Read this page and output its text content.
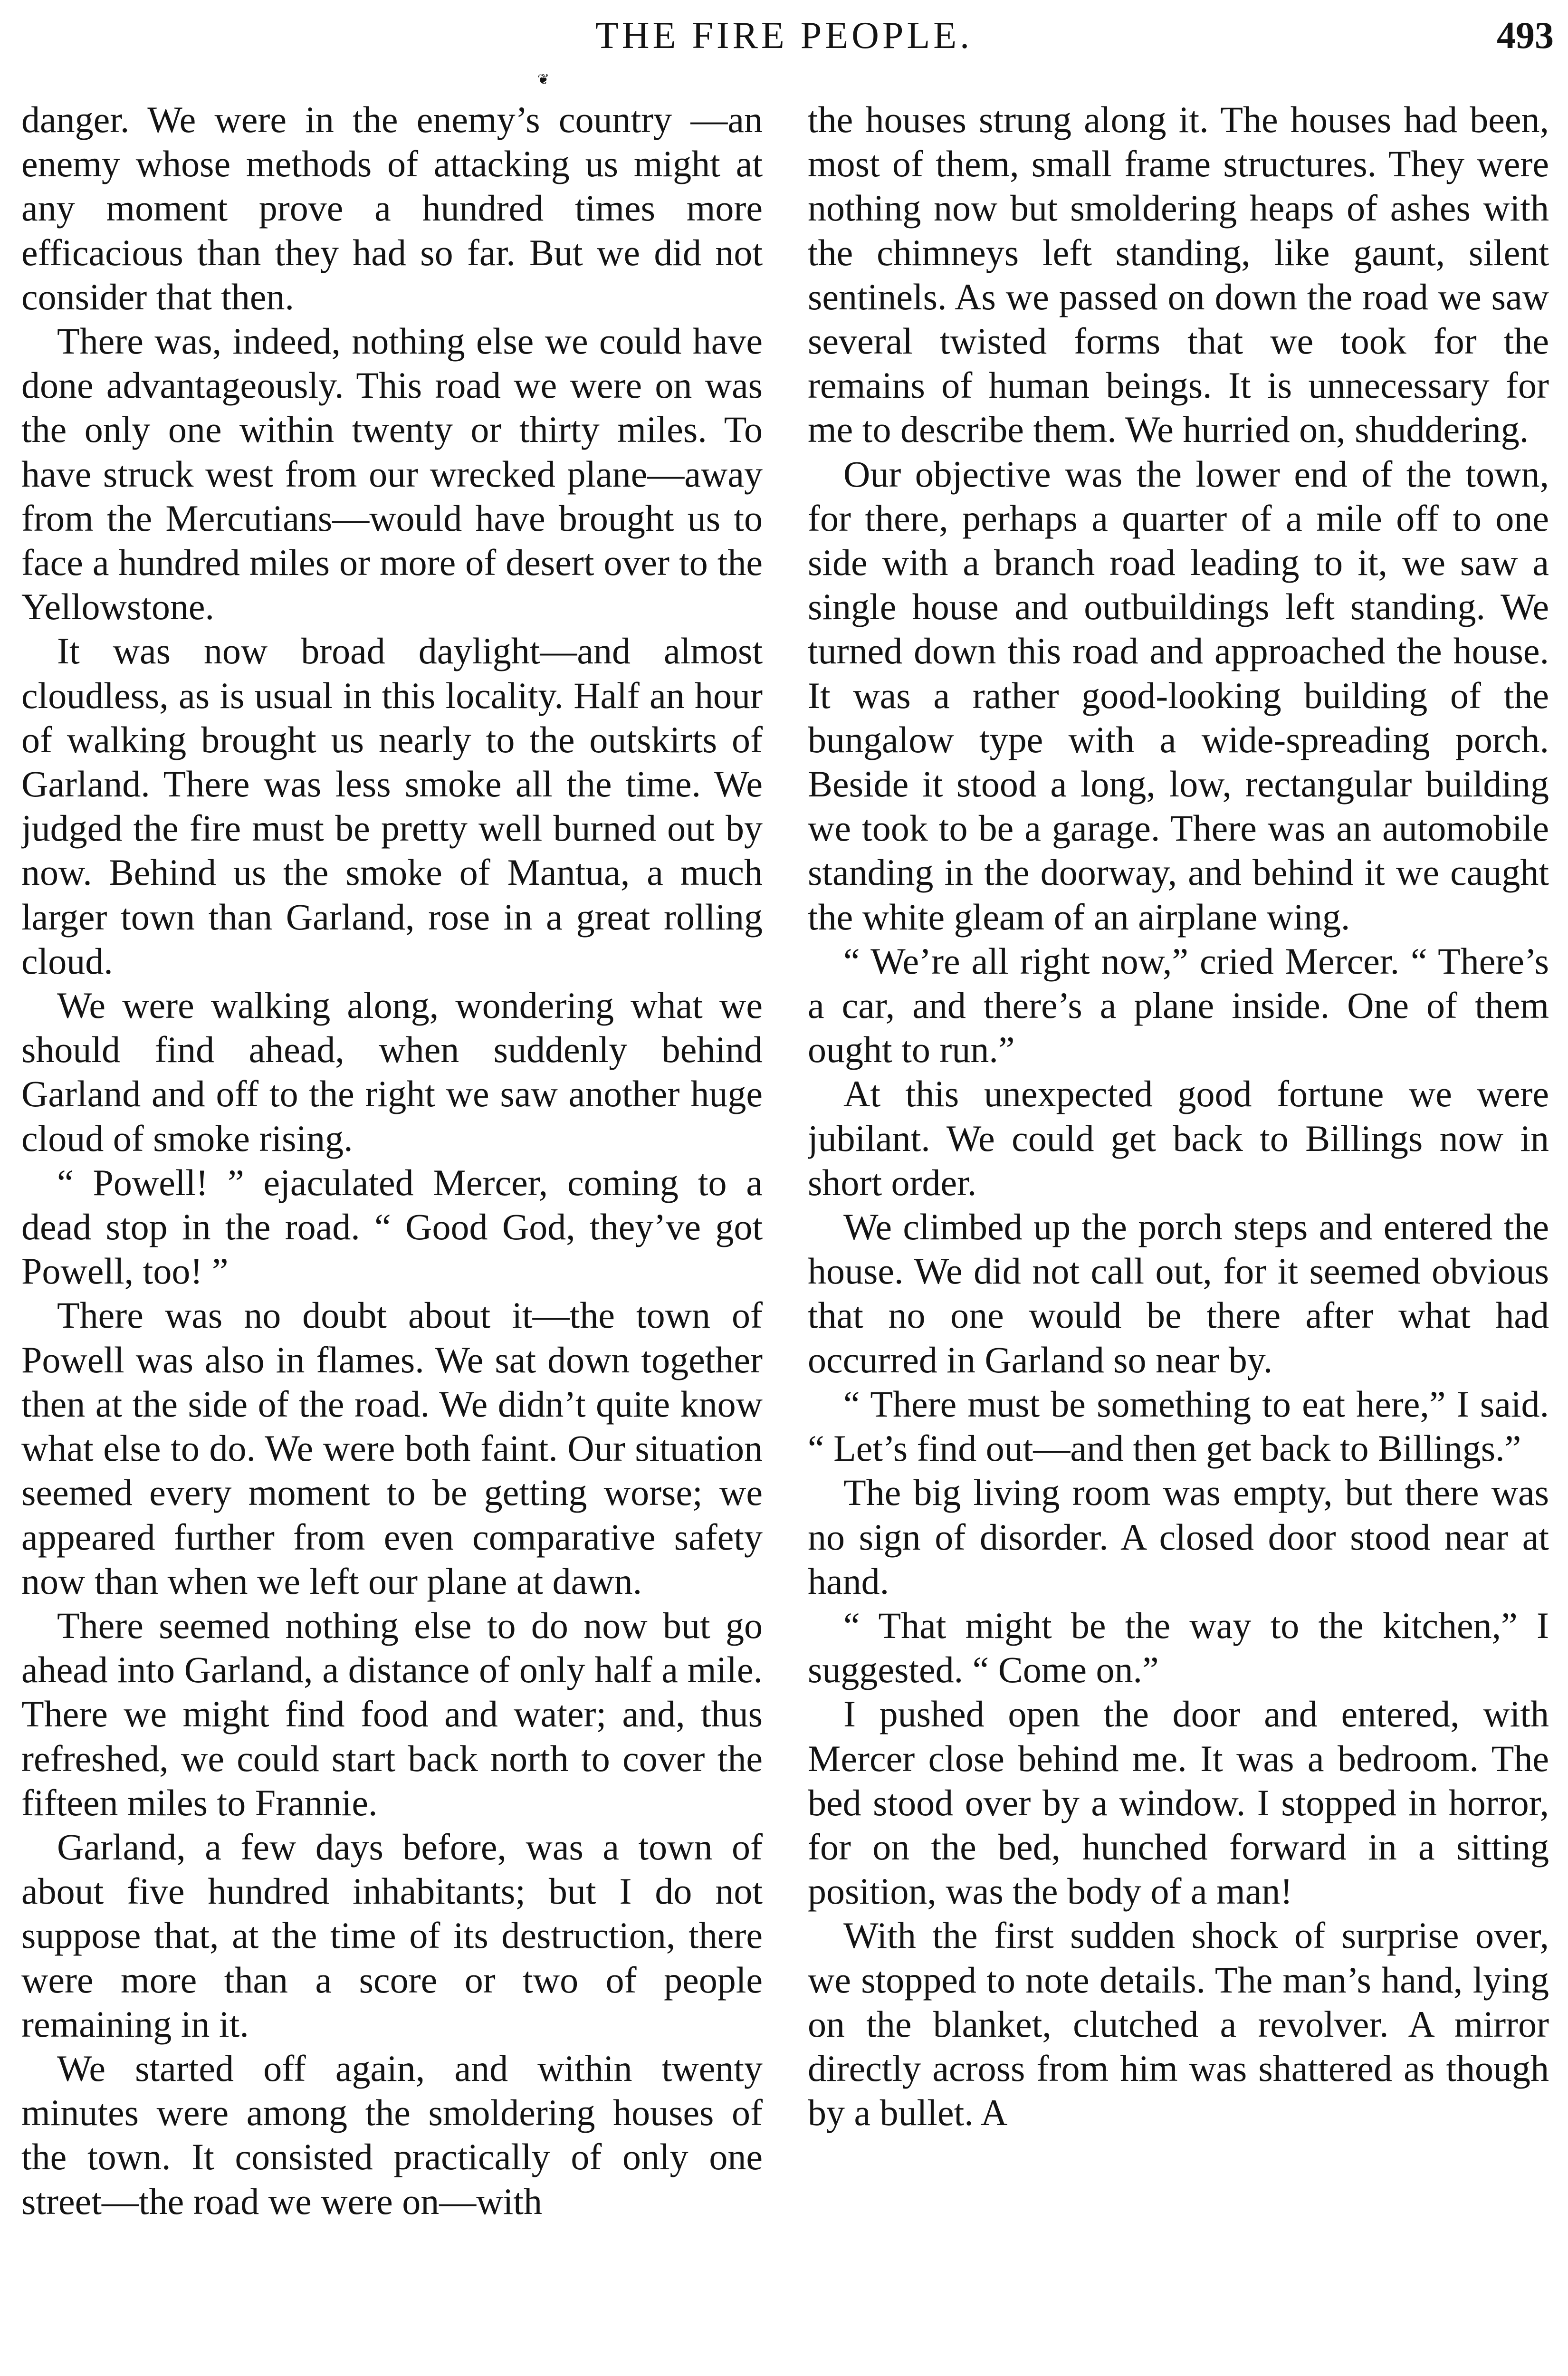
THE FIRE PEOPLE.	493
❦

danger. We were in the enemy’s country —an enemy whose methods of attacking us might at any moment prove a hundred times more efficacious than they had so far. But we did not consider that then.

There was, indeed, nothing else we could have done advantageously. This road we were on was the only one within twenty or thirty miles. To have struck west from our wrecked plane—away from the Mercutians—would have brought us to face a hundred miles or more of desert over to the Yellowstone.

It was now broad daylight—and almost cloudless, as is usual in this locality. Half an hour of walking brought us nearly to the outskirts of Garland. There was less smoke all the time. We judged the fire must be pretty well burned out by now. Behind us the smoke of Mantua, a much larger town than Garland, rose in a great rolling cloud.

We were walking along, wondering what we should find ahead, when suddenly behind Garland and off to the right we saw another huge cloud of smoke rising.

“ Powell! ” ejaculated Mercer, coming to a dead stop in the road. “ Good God, they’ve got Powell, too! ”

There was no doubt about it—the town of Powell was also in flames. We sat down together then at the side of the road. We didn’t quite know what else to do. We were both faint. Our situation seemed every moment to be getting worse; we appeared further from even comparative safety now than when we left our plane at dawn.

There seemed nothing else to do now but go ahead into Garland, a distance of only half a mile. There we might find food and water; and, thus refreshed, we could start back north to cover the fifteen miles to Frannie.

Garland, a few days before, was a town of about five hundred inhabitants; but I do not suppose that, at the time of its destruction, there were more than a score or two of people remaining in it.

We started off again, and within twenty minutes were among the smoldering houses of the town. It consisted practically of only one street—the road we were on—with

the houses strung along it. The houses had been, most of them, small frame structures. They were nothing now but smoldering heaps of ashes with the chimneys left standing, like gaunt, silent sentinels. As we passed on down the road we saw several twisted forms that we took for the remains of human beings. It is unnecessary for me to describe them. We hurried on, shuddering.

Our objective was the lower end of the town, for there, perhaps a quarter of a mile off to one side with a branch road leading to it, we saw a single house and outbuildings left standing. We turned down this road and approached the house. It was a rather good-looking building of the bungalow type with a wide-spreading porch. Beside it stood a long, low, rectangular building we took to be a garage. There was an automobile standing in the doorway, and behind it we caught the white gleam of an airplane wing.

“ We’re all right now,” cried Mercer. “ There’s a car, and there’s a plane inside. One of them ought to run.”

At this unexpected good fortune we were jubilant. We could get back to Billings now in short order.

We climbed up the porch steps and entered the house. We did not call out, for it seemed obvious that no one would be there after what had occurred in Garland so near by.

“ There must be something to eat here,” I said. “ Let’s find out—and then get back to Billings.”

The big living room was empty, but there was no sign of disorder. A closed door stood near at hand.

“ That might be the way to the kitchen,” I suggested. “ Come on.”

I pushed open the door and entered, with Mercer close behind me. It was a bedroom. The bed stood over by a window. I stopped in horror, for on the bed, hunched forward in a sitting position, was the body of a man!

With the first sudden shock of surprise over, we stopped to note details. The man’s hand, lying on the blanket, clutched a revolver. A mirror directly across from him was shattered as though by a bullet. A
